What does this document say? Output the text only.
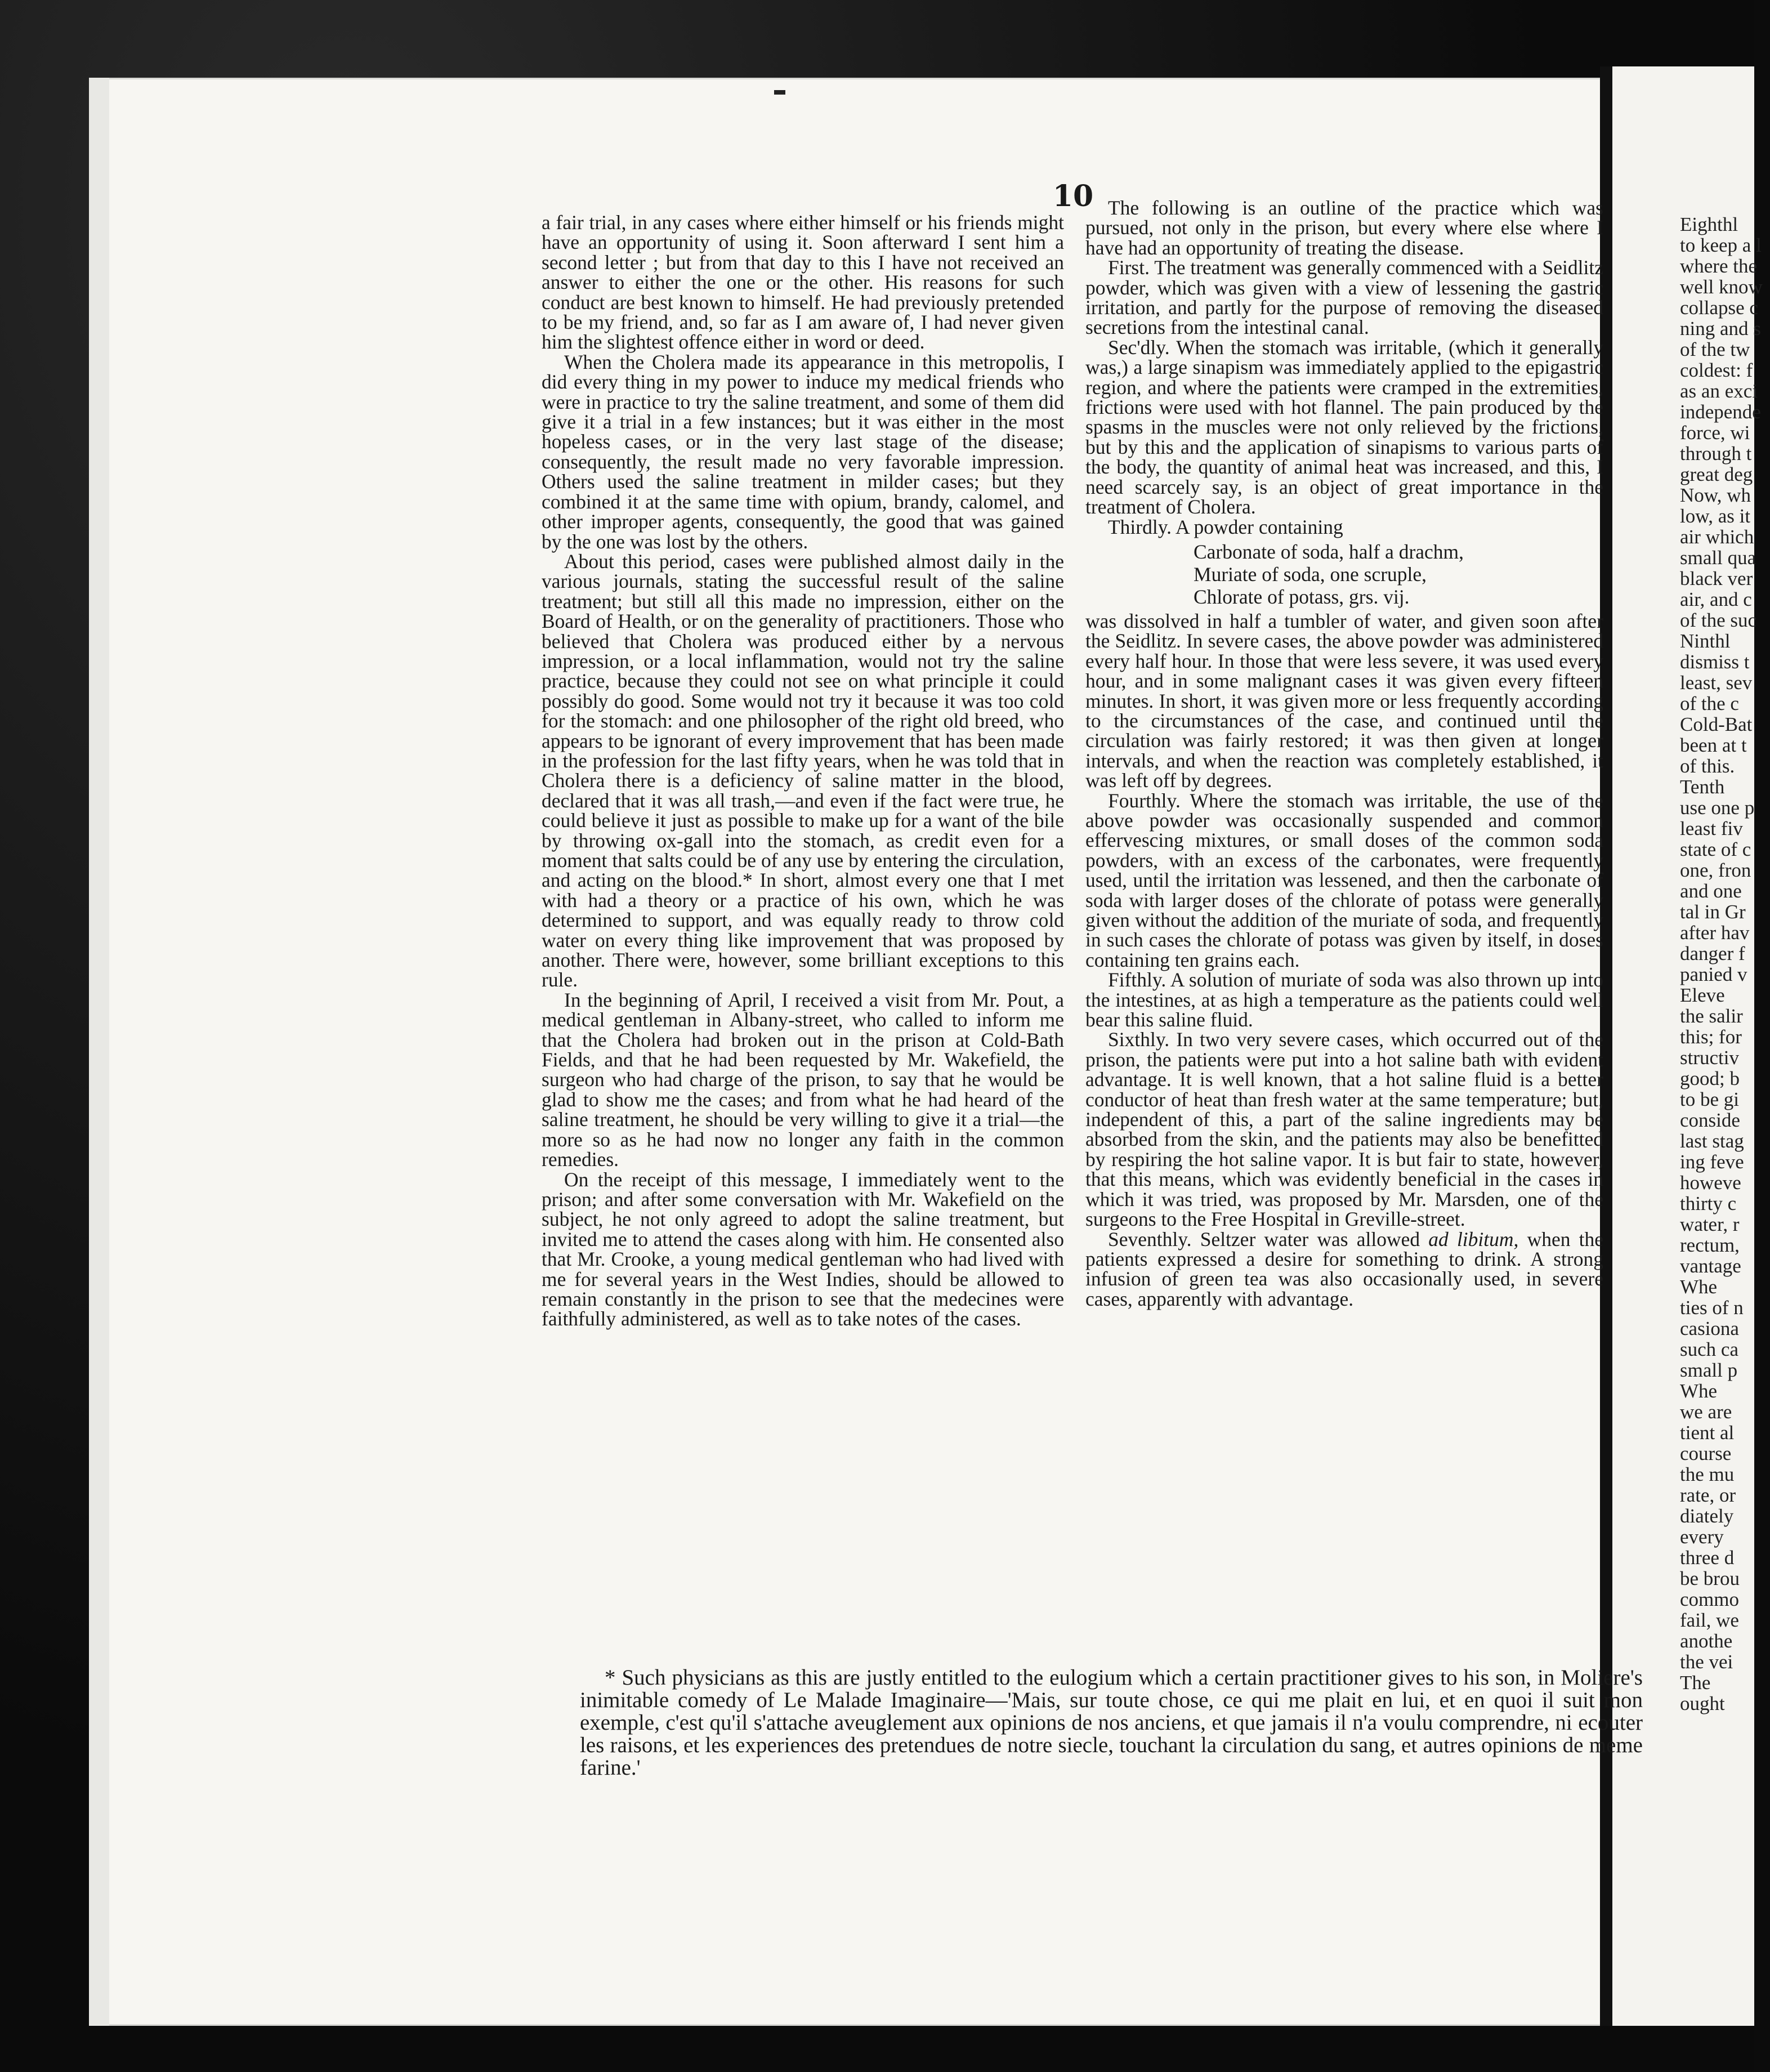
10

a fair trial, in any cases where either himself or his friends might have an opportunity of using it. Soon afterward I sent him a second letter ; but from that day to this I have not received an answer to either the one or the other. His reasons for such conduct are best known to himself. He had previously pretended to be my friend, and, so far as I am aware of, I had never given him the slightest offence either in word or deed.

When the Cholera made its appearance in this metropolis, I did every thing in my power to induce my medical friends who were in practice to try the saline treatment, and some of them did give it a trial in a few instances; but it was either in the most hopeless cases, or in the very last stage of the disease; consequently, the result made no very favorable impression. Others used the saline treatment in milder cases; but they combined it at the same time with opium, brandy, calomel, and other improper agents, consequently, the good that was gained by the one was lost by the others.

About this period, cases were published almost daily in the various journals, stating the successful result of the saline treatment; but still all this made no impression, either on the Board of Health, or on the generality of practitioners. Those who believed that Cholera was produced either by a nervous impression, or a local inflammation, would not try the saline practice, because they could not see on what principle it could possibly do good. Some would not try it because it was too cold for the stomach: and one philosopher of the right old breed, who appears to be ignorant of every improvement that has been made in the profession for the last fifty years, when he was told that in Cholera there is a deficiency of saline matter in the blood, declared that it was all trash,—and even if the fact were true, he could believe it just as possible to make up for a want of the bile by throwing ox-gall into the stomach, as credit even for a moment that salts could be of any use by entering the circulation, and acting on the blood.* In short, almost every one that I met with had a theory or a practice of his own, which he was determined to support, and was equally ready to throw cold water on every thing like improvement that was proposed by another. There were, however, some brilliant exceptions to this rule.

In the beginning of April, I received a visit from Mr. Pout, a medical gentleman in Albany-street, who called to inform me that the Cholera had broken out in the prison at Cold-Bath Fields, and that he had been requested by Mr. Wakefield, the surgeon who had charge of the prison, to say that he would be glad to show me the cases; and from what he had heard of the saline treatment, he should be very willing to give it a trial—the more so as he had now no longer any faith in the common remedies.

On the receipt of this message, I immediately went to the prison; and after some conversation with Mr. Wakefield on the subject, he not only agreed to adopt the saline treatment, but invited me to attend the cases along with him. He consented also that Mr. Crooke, a young medical gentleman who had lived with me for several years in the West Indies, should be allowed to remain constantly in the prison to see that the medecines were faithfully administered, as well as to take notes of the cases.

The following is an outline of the practice which was pursued, not only in the prison, but every where else where I have had an opportunity of treating the disease.

First. The treatment was generally commenced with a Seidlitz powder, which was given with a view of lessening the gastric irritation, and partly for the purpose of removing the diseased secretions from the intestinal canal.

Sec'dly. When the stomach was irritable, (which it generally was,) a large sinapism was immediately applied to the epigastric region, and where the patients were cramped in the extremities, frictions were used with hot flannel. The pain produced by the spasms in the muscles were not only relieved by the frictions, but by this and the application of sinapisms to various parts of the body, the quantity of animal heat was increased, and this, I need scarcely say, is an object of great importance in the treatment of Cholera.

Thirdly. A powder containing

Carbonate of soda, half a drachm,
Muriate of soda, one scruple,
Chlorate of potass, grs. vij.

was dissolved in half a tumbler of water, and given soon after the Seidlitz. In severe cases, the above powder was administered every half hour. In those that were less severe, it was used every hour, and in some malignant cases it was given every fifteen minutes. In short, it was given more or less frequently according to the circumstances of the case, and continued until the circulation was fairly restored; it was then given at longer intervals, and when the reaction was completely established, it was left off by degrees.

Fourthly. Where the stomach was irritable, the use of the above powder was occasionally suspended and common effervescing mixtures, or small doses of the common soda powders, with an excess of the carbonates, were frequently used, until the irritation was lessened, and then the carbonate of soda with larger doses of the chlorate of potass were generally given without the addition of the muriate of soda, and frequently in such cases the chlorate of potass was given by itself, in doses containing ten grains each.

Fifthly. A solution of muriate of soda was also thrown up into the intestines, at as high a temperature as the patients could well bear this saline fluid.

Sixthly. In two very severe cases, which occurred out of the prison, the patients were put into a hot saline bath with evident advantage. It is well known, that a hot saline fluid is a better conductor of heat than fresh water at the same temperature; but, independent of this, a part of the saline ingredients may be absorbed from the skin, and the patients may also be benefitted by respiring the hot saline vapor. It is but fair to state, however, that this means, which was evidently beneficial in the cases in which it was tried, was proposed by Mr. Marsden, one of the surgeons to the Free Hospital in Greville-street.

Seventhly. Seltzer water was allowed ad libitum, when the patients expressed a desire for something to drink. A strong infusion of green tea was also occasionally used, in severe cases, apparently with advantage.

* Such physicians as this are justly entitled to the eulogium which a certain practitioner gives to his son, in Moliere's inimitable comedy of Le Malade Imaginaire—'Mais, sur toute chose, ce qui me plait en lui, et en quoi il suit mon exemple, c'est qu'il s'attache aveuglement aux opinions de nos anciens, et que jamais il n'a voulu comprendre, ni ecouter les raisons, et les experiences des pretendues de notre siecle, touchant la circulation du sang, et autres opinions de meme farine.'

Eighthl
to keep a l
where the
well know
collapse c
ning and s
of the tw
coldest: f
as an exci
independe
force, wi
through t
great deg
Now, wh
low, as it
air which
small qua
black ver
air, and c
of the suc
Ninthl
dismiss t
least, sev
of the c
Cold-Bat
been at t
of this.
Tenth
use one p
least fiv
state of c
one, fron
and one
tal in Gr
after hav
danger f
panied v
Eleve
the salir
this; for
structiv
good; b
to be gi
conside
last stag
ing feve
howeve
thirty c
water, r
rectum,
vantage
Whe
ties of n
casiona
such ca
small p
Whe
we are
tient al
course
the mu
rate, or
diately
every
three d
be brou
commo
fail, we
anothe
the vei
The
ought
